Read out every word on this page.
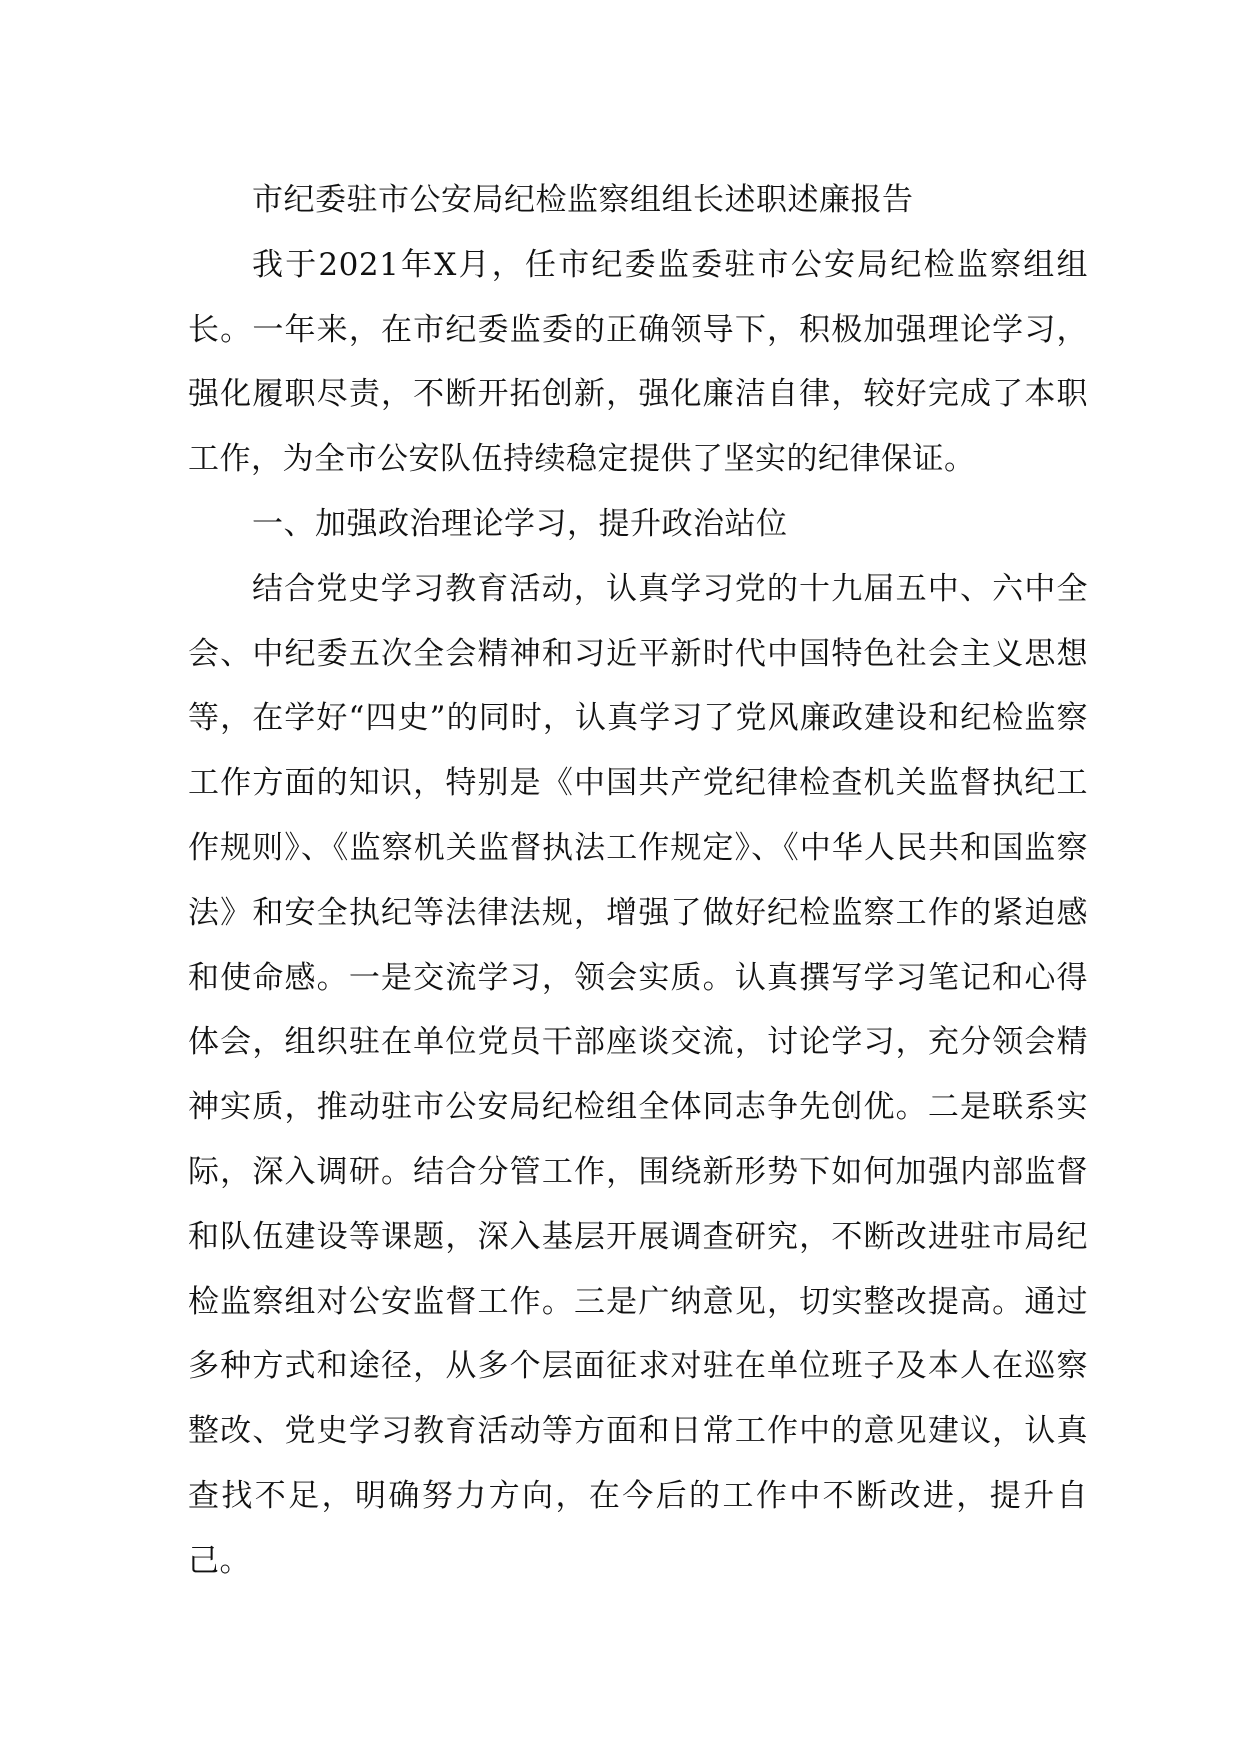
市纪委驻市公安局纪检监察组组长述职述廉报告

我于2021年X月，任市纪委监委驻市公安局纪检监察组组长。一年来，在市纪委监委的正确领导下，积极加强理论学习，强化履职尽责，不断开拓创新，强化廉洁自律，较好完成了本职工作，为全市公安队伍持续稳定提供了坚实的纪律保证。

一、加强政治理论学习，提升政治站位

结合党史学习教育活动，认真学习党的十九届五中、六中全会、中纪委五次全会精神和习近平新时代中国特色社会主义思想等，在学好“四史”的同时，认真学习了党风廉政建设和纪检监察工作方面的知识，特别是《中国共产党纪律检查机关监督执纪工作规则》、《监察机关监督执法工作规定》、《中华人民共和国监察法》和安全执纪等法律法规，增强了做好纪检监察工作的紧迫感和使命感。一是交流学习，领会实质。认真撰写学习笔记和心得体会，组织驻在单位党员干部座谈交流，讨论学习，充分领会精神实质，推动驻市公安局纪检组全体同志争先创优。二是联系实际，深入调研。结合分管工作，围绕新形势下如何加强内部监督和队伍建设等课题，深入基层开展调查研究，不断改进驻市局纪检监察组对公安监督工作。三是广纳意见，切实整改提高。通过多种方式和途径，从多个层面征求对驻在单位班子及本人在巡察整改、党史学习教育活动等方面和日常工作中的意见建议，认真查找不足，明确努力方向，在今后的工作中不断改进，提升自己。
